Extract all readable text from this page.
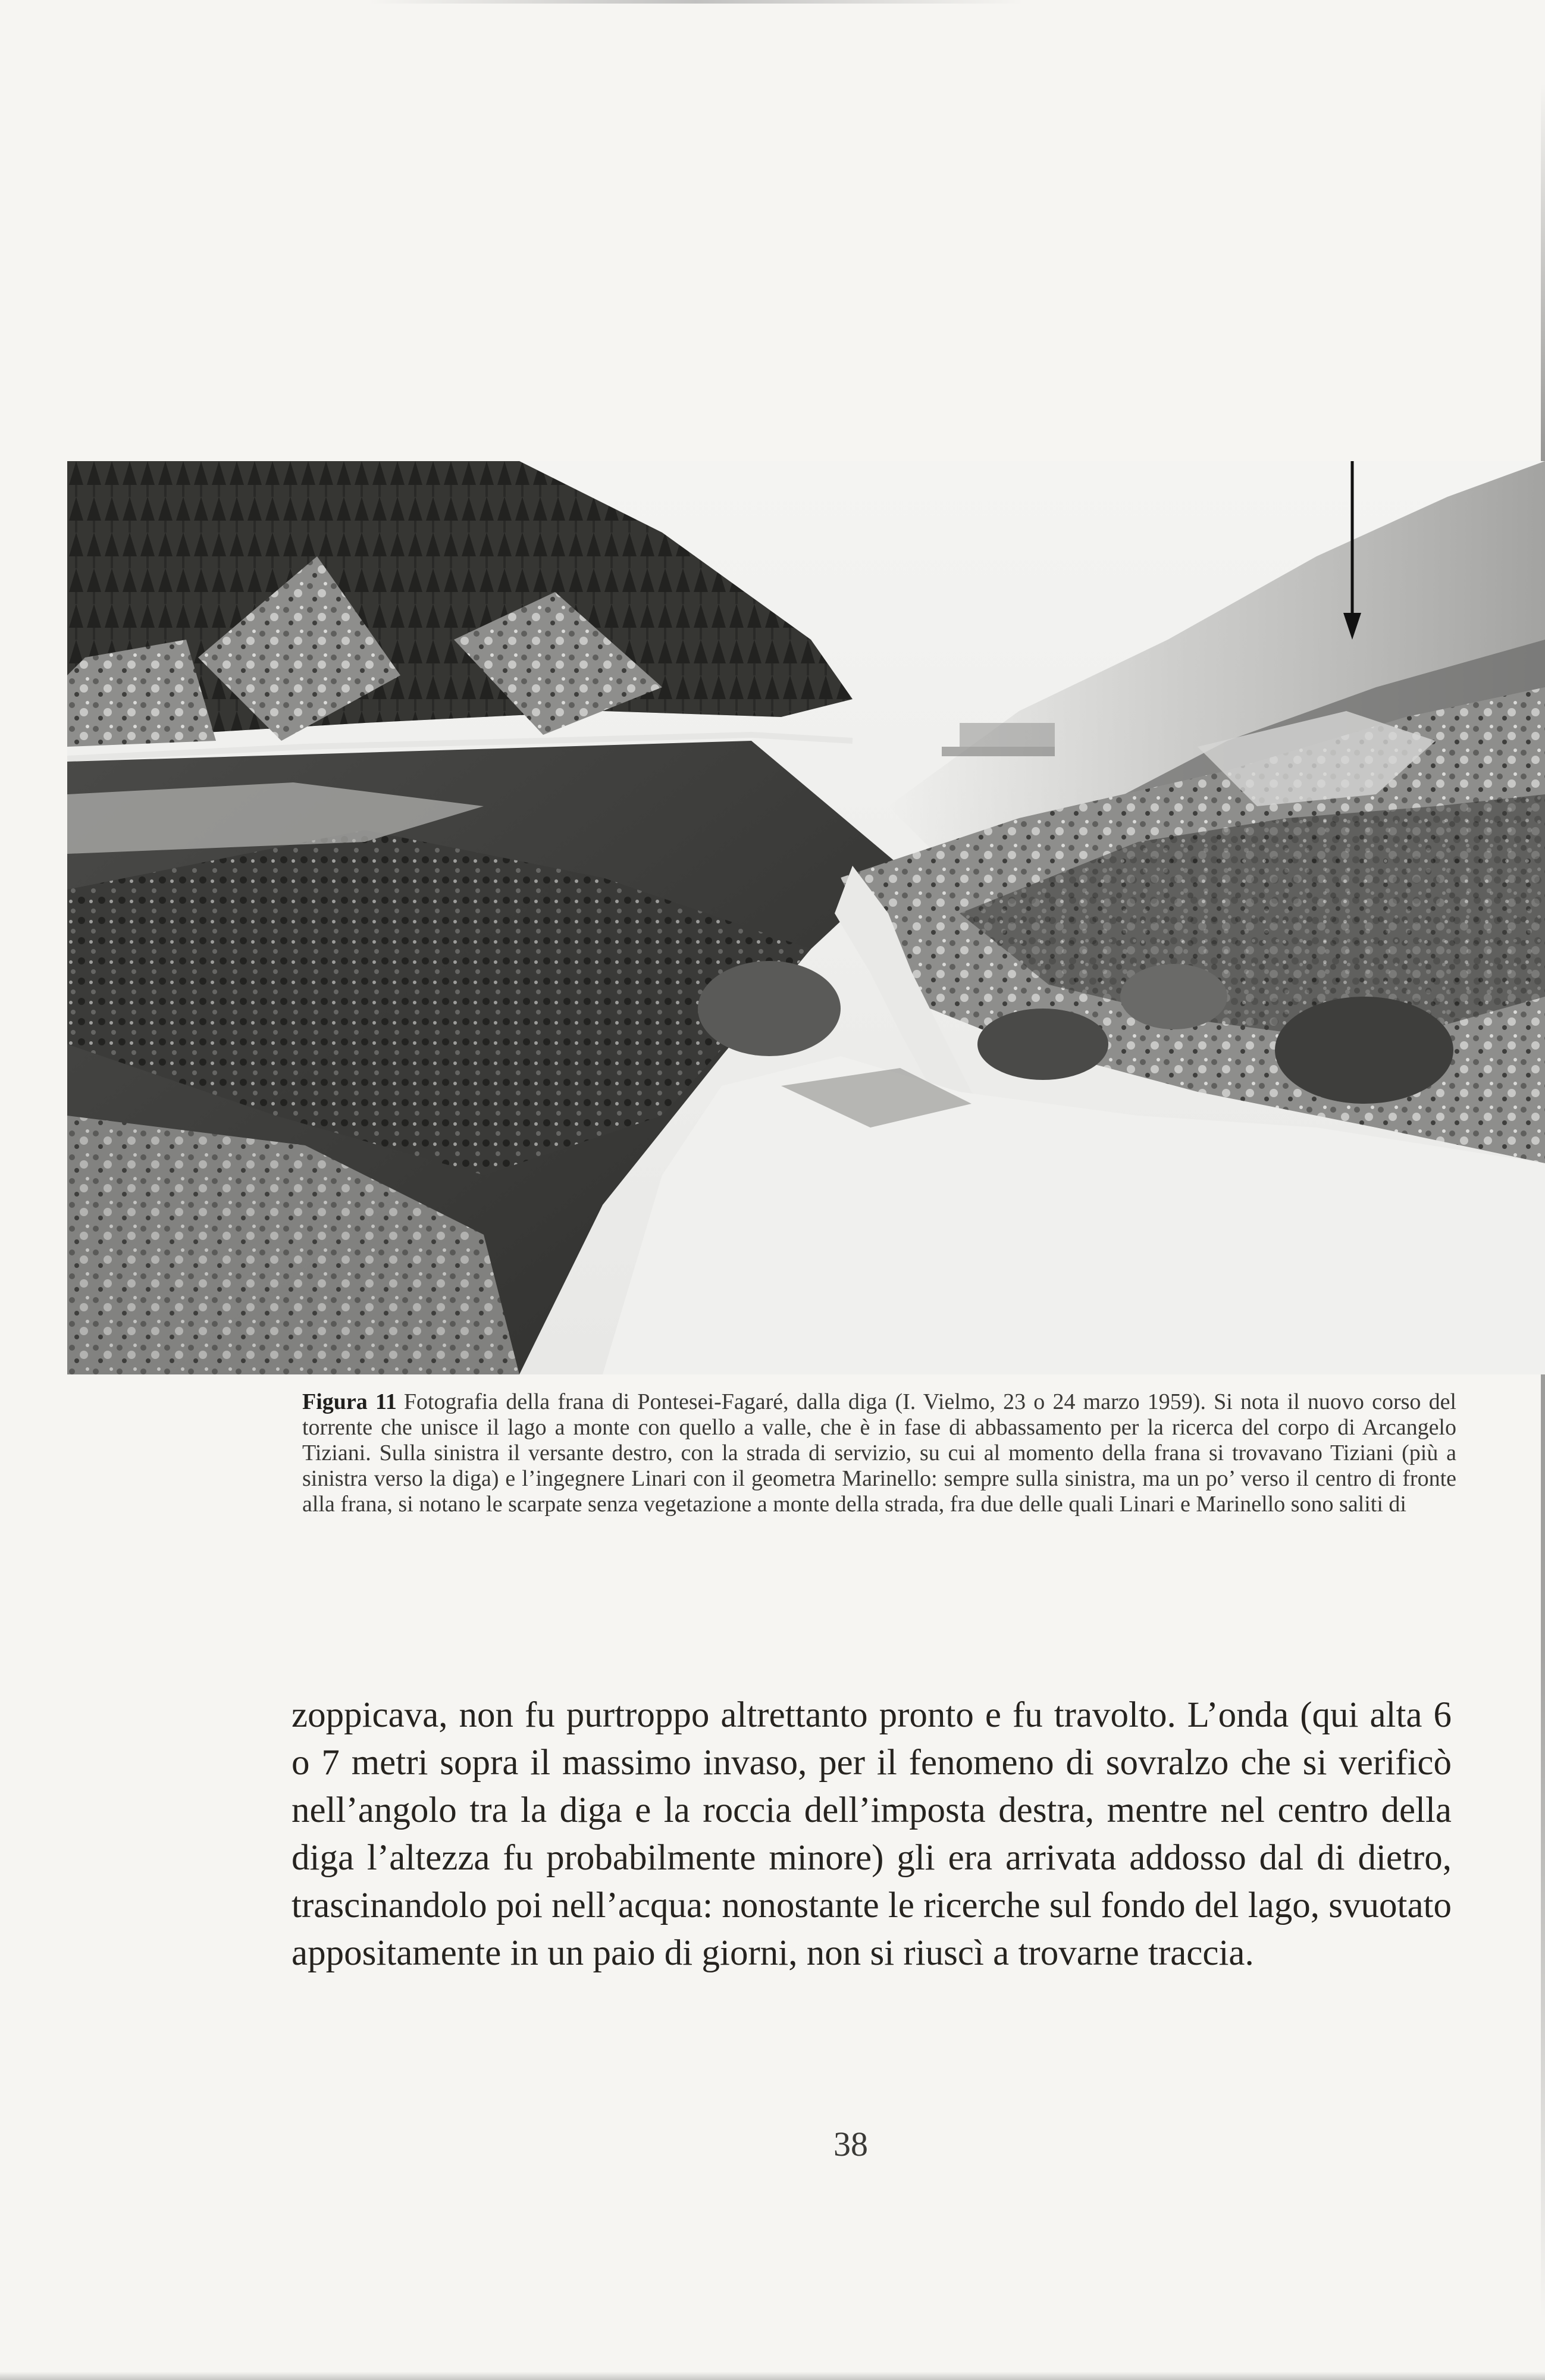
Figura 11 Fotografia della frana di Pontesei-Fagaré, dalla diga (I. Vielmo, 23 o 24 marzo 1959). Si nota il nuovo corso del torrente che unisce il lago a monte con quello a valle, che è in fase di abbassamento per la ricerca del corpo di Arcangelo Tiziani. Sulla sinistra il versante destro, con la strada di servizio, su cui al momento della frana si trovavano Tiziani (più a sinistra verso la diga) e l’ingegnere Linari con il geometra Marinello: sempre sulla sinistra, ma un po’ verso il centro di fronte alla frana, si notano le scarpate senza vegetazione a monte della strada, fra due delle quali Linari e Marinello sono saliti di
zoppicava, non fu purtroppo altrettanto pronto e fu travolto. L’onda (qui alta 6 o 7 metri sopra il massimo invaso, per il fenomeno di sovralzo che si verificò nell’angolo tra la diga e la roccia dell’imposta destra, mentre nel centro della diga l’altezza fu probabilmente minore) gli era arrivata addosso dal di dietro, trascinandolo poi nell’acqua: nonostante le ricerche sul fondo del lago, svuotato appositamente in un paio di giorni, non si riuscì a trovarne traccia.
38
